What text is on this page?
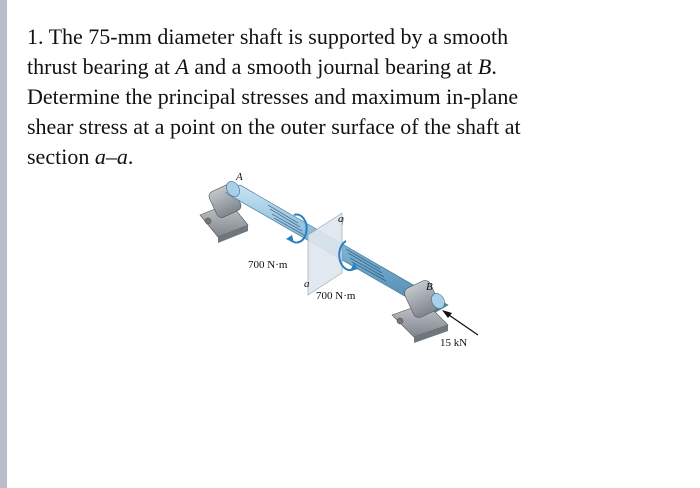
1. The 75-mm diameter shaft is supported by a smooth
thrust bearing at A and a smooth journal bearing at B.
Determine the principal stresses and maximum in-plane
shear stress at a point on the outer surface of the shaft at
section a–a.
A
a
700 N·m
a
700 N·m
B
15 kN
